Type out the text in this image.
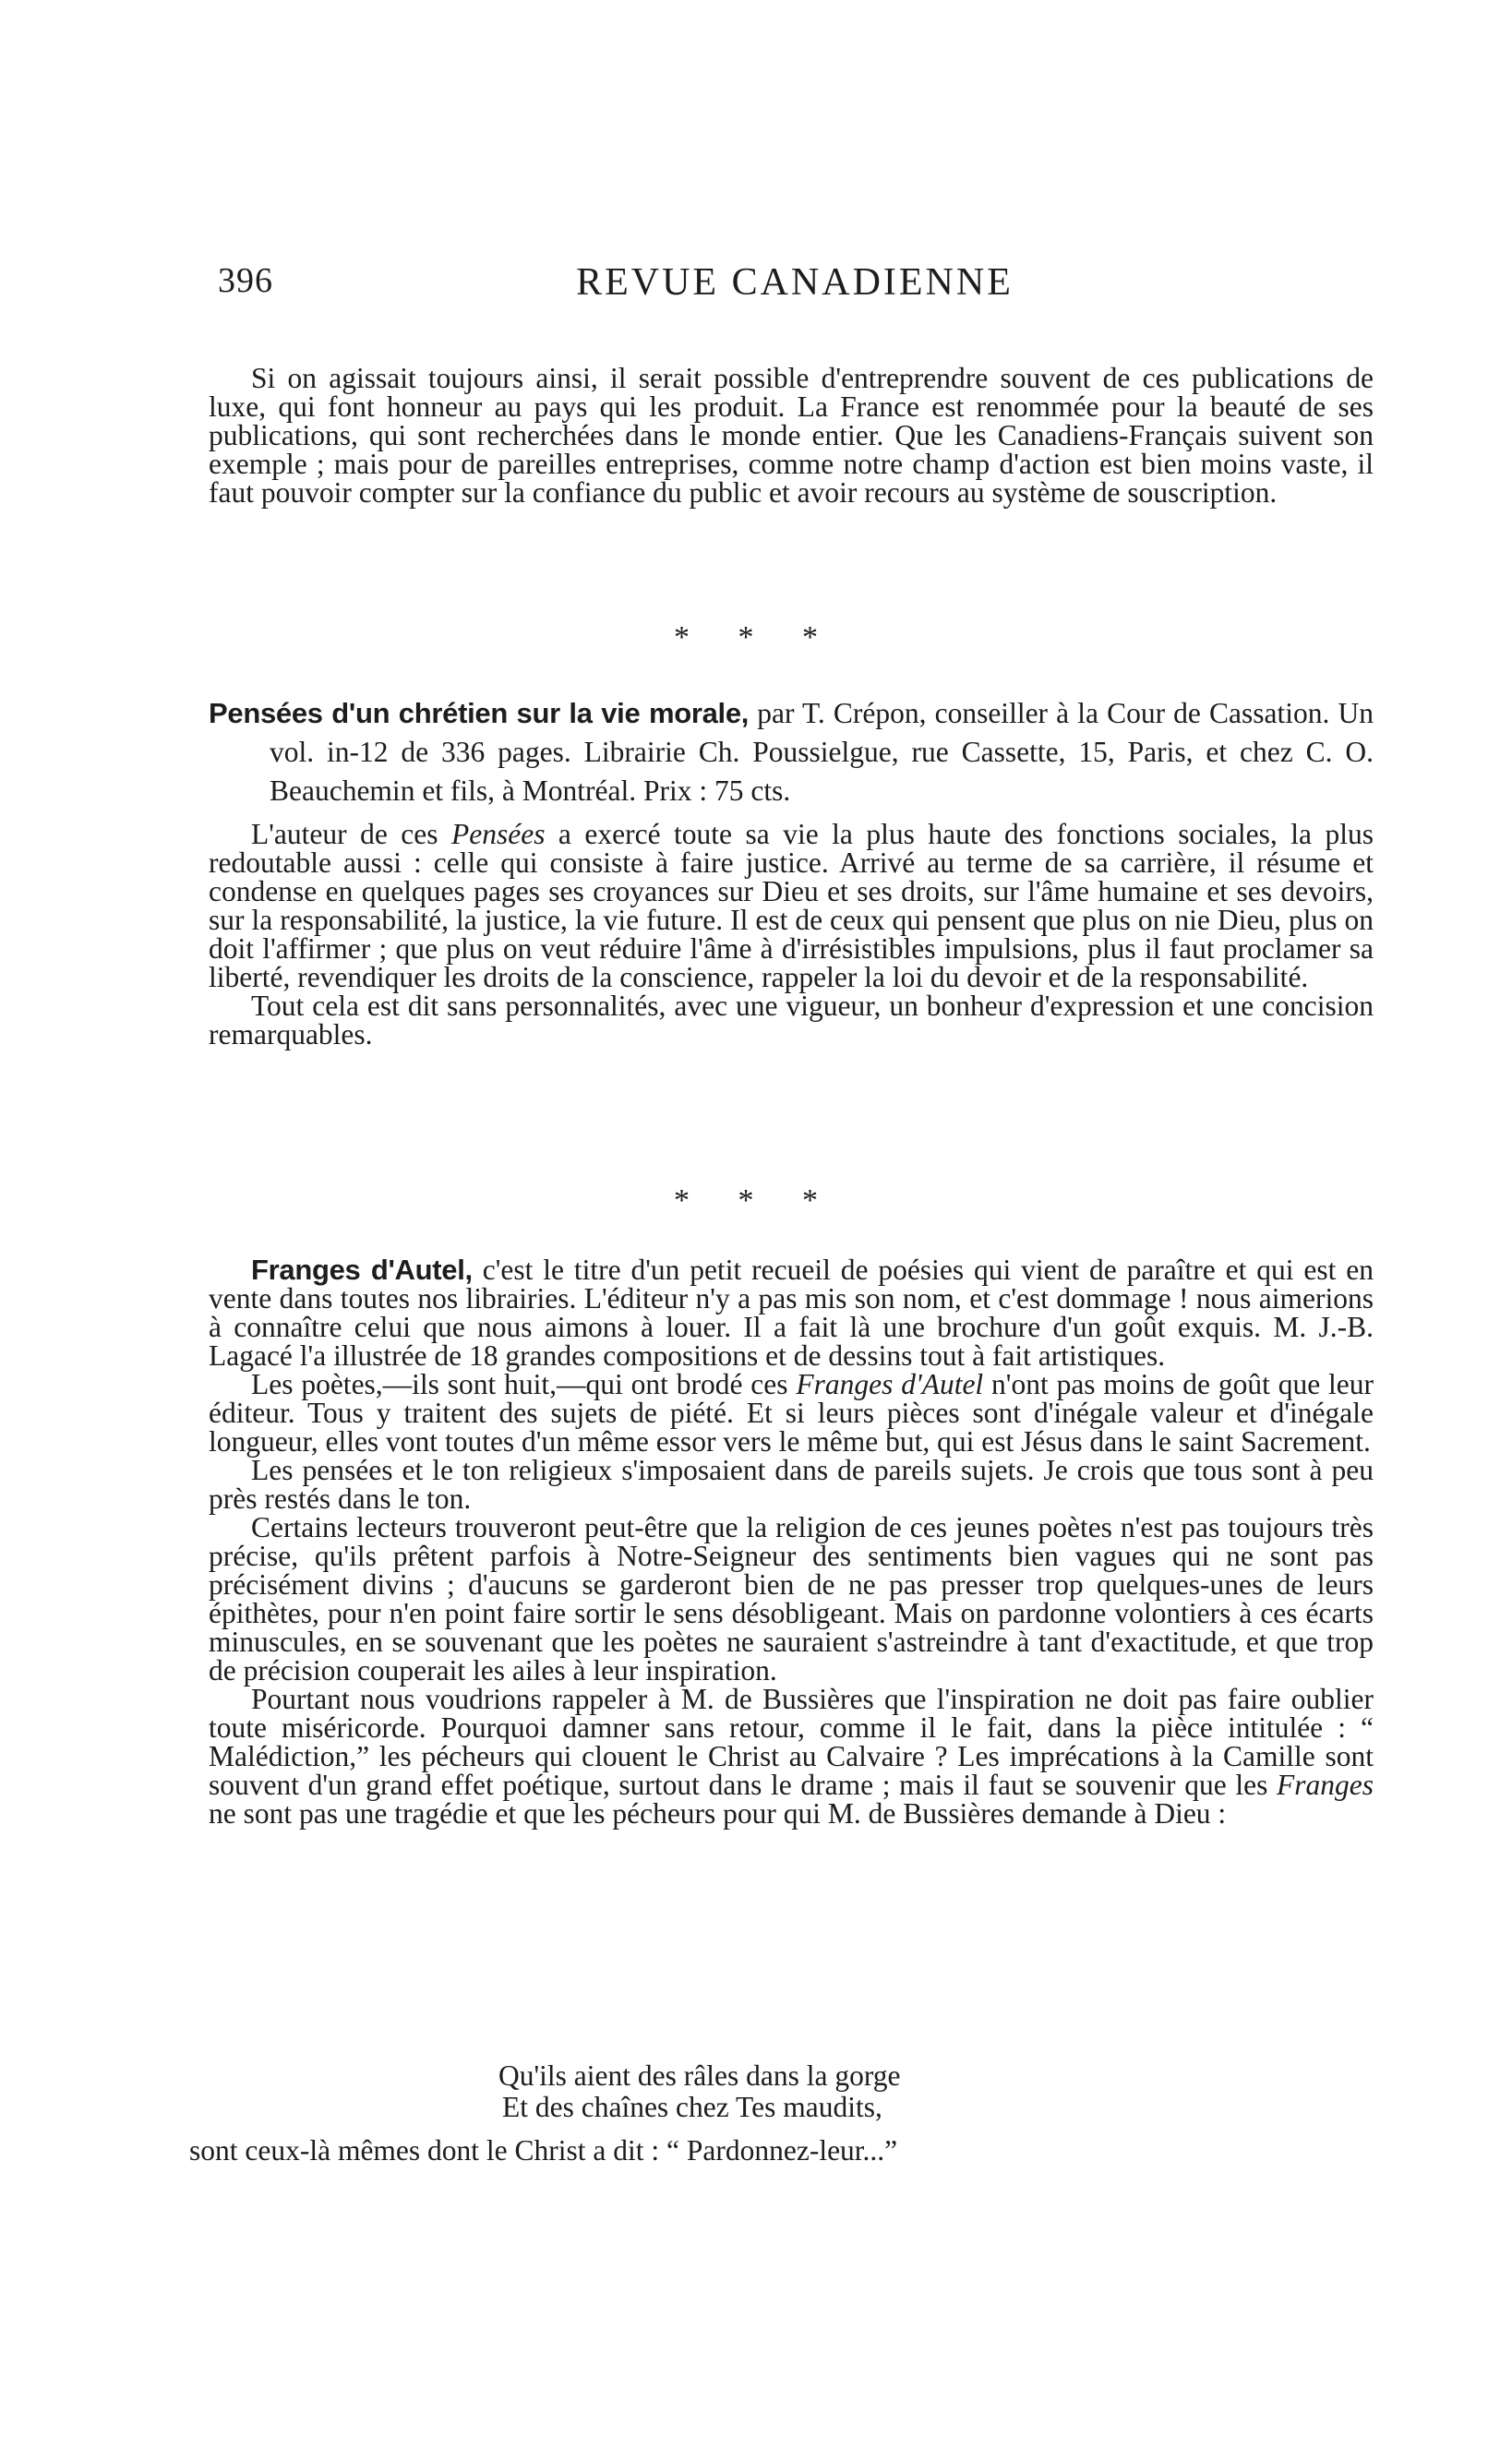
396	REVUE CANADIENNE

Si on agissait toujours ainsi, il serait possible d'entreprendre souvent de ces publications de luxe, qui font honneur au pays qui les produit. La France est renommée pour la beauté de ses publications, qui sont recherchées dans le monde entier. Que les Canadiens-Français suivent son exemple ; mais pour de pareilles entreprises, comme notre champ d'action est bien moins vaste, il faut pouvoir compter sur la confiance du public et avoir recours au système de souscription.

* * *

Pensées d'un chrétien sur la vie morale, par T. Crépon, conseiller à la Cour de Cassation. Un vol. in-12 de 336 pages. Librairie Ch. Poussielgue, rue Cassette, 15, Paris, et chez C. O. Beauchemin et fils, à Montréal. Prix : 75 cts.

L'auteur de ces Pensées a exercé toute sa vie la plus haute des fonctions sociales, la plus redoutable aussi : celle qui consiste à faire justice. Arrivé au terme de sa carrière, il résume et condense en quelques pages ses croyances sur Dieu et ses droits, sur l'âme humaine et ses devoirs, sur la responsabilité, la justice, la vie future. Il est de ceux qui pensent que plus on nie Dieu, plus on doit l'affirmer ; que plus on veut réduire l'âme à d'irrésistibles impulsions, plus il faut proclamer sa liberté, revendiquer les droits de la conscience, rappeler la loi du devoir et de la responsabilité.

Tout cela est dit sans personnalités, avec une vigueur, un bonheur d'expression et une concision remarquables.

* * *

Franges d'Autel, c'est le titre d'un petit recueil de poésies qui vient de paraître et qui est en vente dans toutes nos librairies. L'éditeur n'y a pas mis son nom, et c'est dommage ! nous aimerions à connaître celui que nous aimons à louer. Il a fait là une brochure d'un goût exquis. M. J.-B. Lagacé l'a illustrée de 18 grandes compositions et de dessins tout à fait artistiques.

Les poètes,—ils sont huit,—qui ont brodé ces Franges d'Autel n'ont pas moins de goût que leur éditeur. Tous y traitent des sujets de piété. Et si leurs pièces sont d'inégale valeur et d'inégale longueur, elles vont toutes d'un même essor vers le même but, qui est Jésus dans le saint Sacrement.

Les pensées et le ton religieux s'imposaient dans de pareils sujets. Je crois que tous sont à peu près restés dans le ton.

Certains lecteurs trouveront peut-être que la religion de ces jeunes poètes n'est pas toujours très précise, qu'ils prêtent parfois à Notre-Seigneur des sentiments bien vagues qui ne sont pas précisément divins ; d'aucuns se garderont bien de ne pas presser trop quelques-unes de leurs épithètes, pour n'en point faire sortir le sens désobligeant. Mais on pardonne volontiers à ces écarts minuscules, en se souvenant que les poètes ne sauraient s'astreindre à tant d'exactitude, et que trop de précision couperait les ailes à leur inspiration.

Pourtant nous voudrions rappeler à M. de Bussières que l'inspiration ne doit pas faire oublier toute miséricorde. Pourquoi damner sans retour, comme il le fait, dans la pièce intitulée : “ Malédiction,” les pécheurs qui clouent le Christ au Calvaire ? Les imprécations à la Camille sont souvent d'un grand effet poétique, surtout dans le drame ; mais il faut se souvenir que les Franges ne sont pas une tragédie et que les pécheurs pour qui M. de Bussières demande à Dieu :

Qu'ils aient des râles dans la gorge
Et des chaînes chez Tes maudits,
sont ceux-là mêmes dont le Christ a dit : “ Pardonnez-leur...”
